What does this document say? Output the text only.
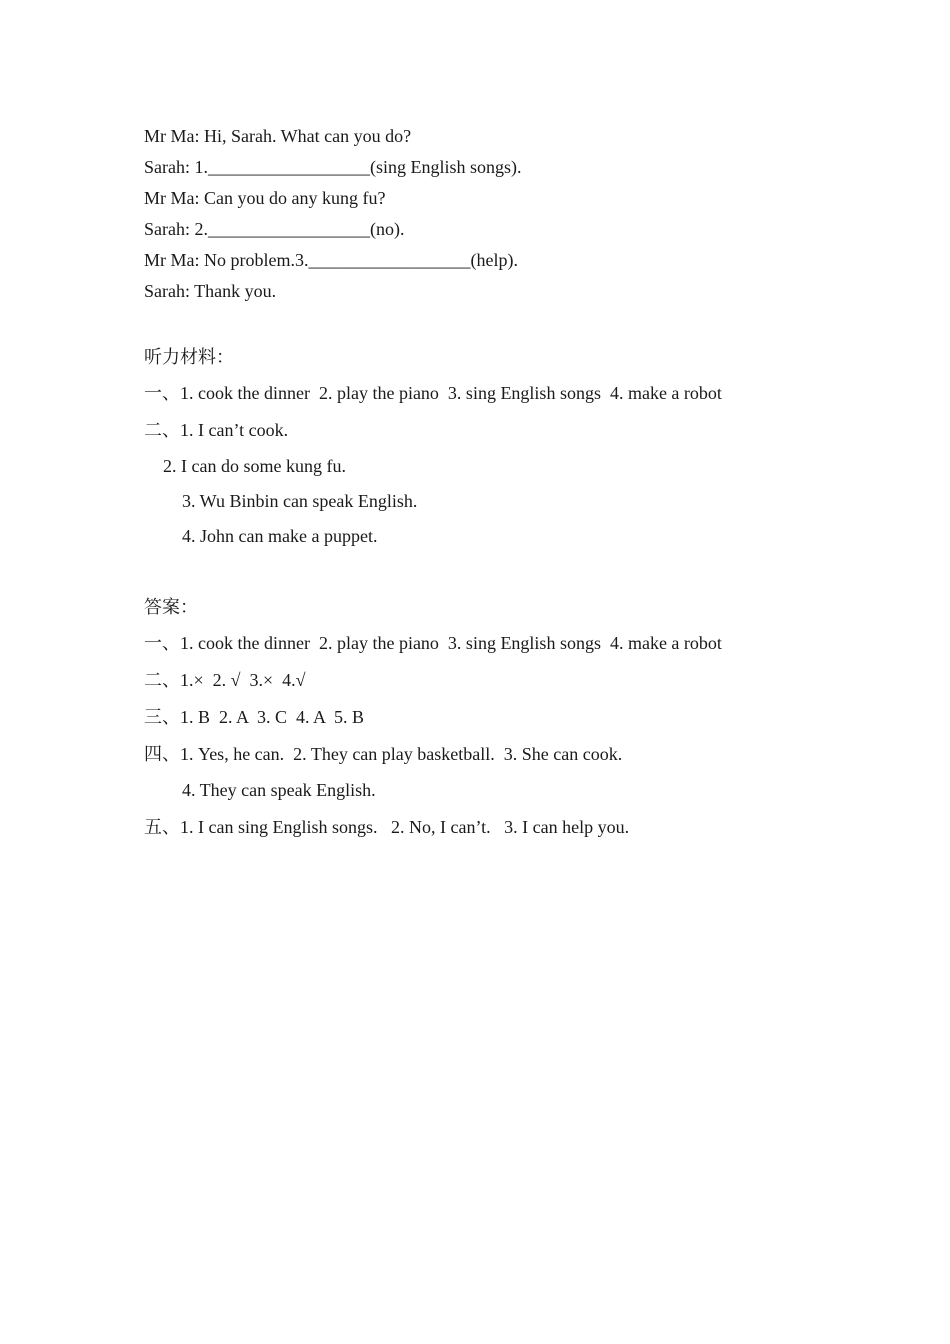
Mr Ma: Hi, Sarah. What can you do?
Sarah: 1.__________________(sing English songs).
Mr Ma: Can you do any kung fu?
Sarah: 2.__________________(no).
Mr Ma: No problem.3.__________________(help).
Sarah: Thank you.
听力材料：
一、1. cook the dinner  2. play the piano  3. sing English songs  4. make a robot
二、1. I can’t cook.
2. I can do some kung fu.
3. Wu Binbin can speak English.
4. John can make a puppet.
答案：
一、1. cook the dinner  2. play the piano  3. sing English songs  4. make a robot
二、1.×  2. √  3.×  4.√
三、1. B  2. A  3. C  4. A  5. B
四、1. Yes, he can.  2. They can play basketball.  3. She can cook.
4. They can speak English.
五、1. I can sing English songs.   2. No, I can’t.   3. I can help you.
